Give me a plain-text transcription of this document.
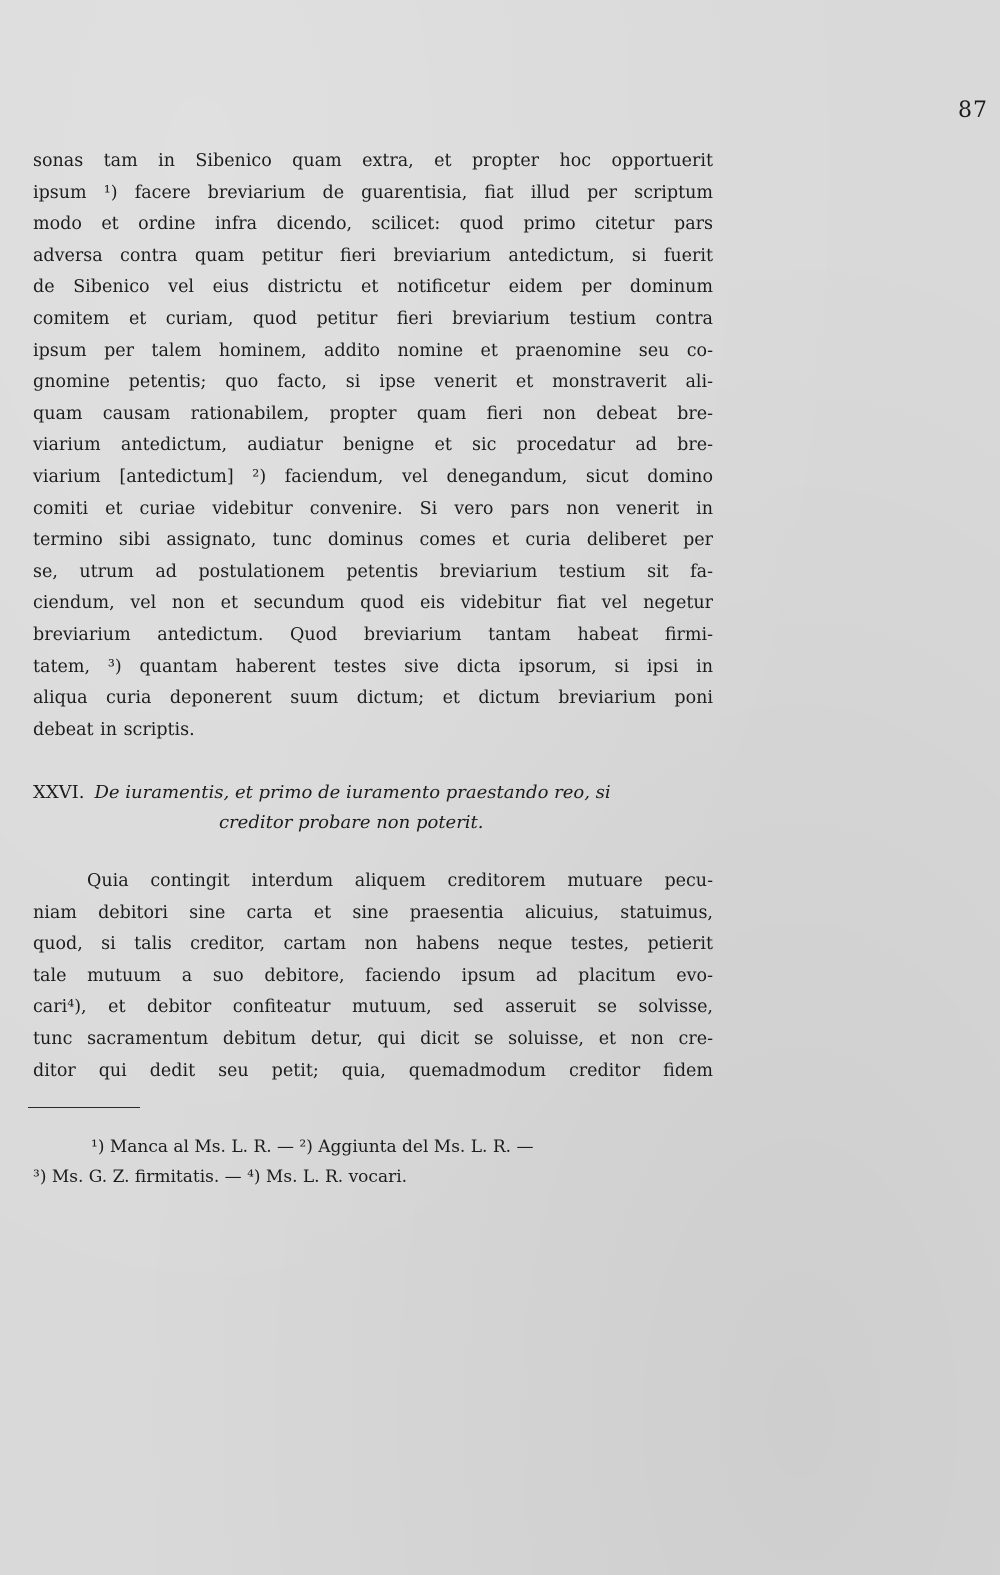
87
sonas tam in Sibenico quam extra, et propter hoc opportuerit
ipsum ¹) facere breviarium de guarentisia, fiat illud per scriptum
modo et ordine infra dicendo, scilicet: quod primo citetur pars
adversa contra quam petitur fieri breviarium antedictum, si fuerit
de Sibenico vel eius districtu et notificetur eidem per dominum
comitem et curiam, quod petitur fieri breviarium testium contra
ipsum per talem hominem, addito nomine et praenomine seu co-
gnomine petentis; quo facto, si ipse venerit et monstraverit ali-
quam causam rationabilem, propter quam fieri non debeat bre-
viarium antedictum, audiatur benigne et sic procedatur ad bre-
viarium [antedictum] ²) faciendum, vel denegandum, sicut domino
comiti et curiae videbitur convenire. Si vero pars non venerit in
termino sibi assignato, tunc dominus comes et curia deliberet per
se, utrum ad postulationem petentis breviarium testium sit fa-
ciendum, vel non et secundum quod eis videbitur fiat vel negetur
breviarium antedictum. Quod breviarium tantam habeat firmi-
tatem, ³) quantam haberent testes sive dicta ipsorum, si ipsi in
aliqua curia deponerent suum dictum; et dictum breviarium poni
debeat in scriptis.
XXVI. De iuramentis, et primo de iuramento praestando reo, si
creditor probare non poterit.
Quia contingit interdum aliquem creditorem mutuare pecu-
niam debitori sine carta et sine praesentia alicuius, statuimus,
quod, si talis creditor, cartam non habens neque testes, petierit
tale mutuum a suo debitore, faciendo ipsum ad placitum evo-
cari⁴), et debitor confiteatur mutuum, sed asseruit se solvisse,
tunc sacramentum debitum detur, qui dicit se soluisse, et non cre-
ditor qui dedit seu petit; quia, quemadmodum creditor fidem
¹) Manca al Ms. L. R. — ²) Aggiunta del Ms. L. R. —
³) Ms. G. Z. firmitatis. — ⁴) Ms. L. R. vocari.
